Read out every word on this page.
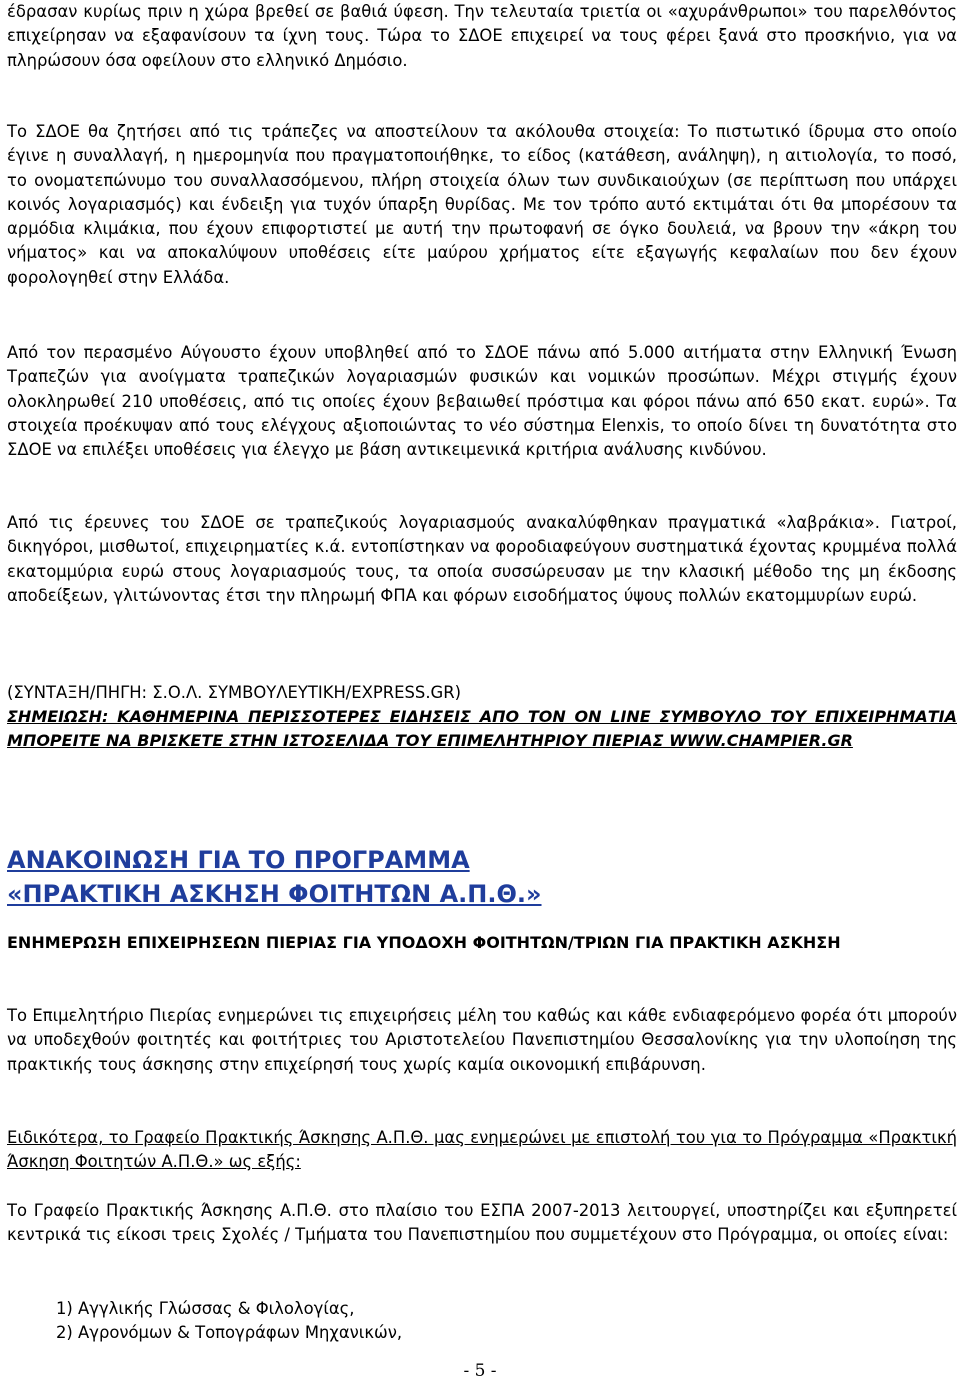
έδρασαν κυρίως πριν η χώρα βρεθεί σε βαθιά ύφεση. Την τελευταία τριετία οι «αχυράνθρωποι» του παρελθόντος επιχείρησαν να εξαφανίσουν τα ίχνη τους. Τώρα το ΣΔΟΕ επιχειρεί να τους φέρει ξανά στο προσκήνιο, για να πληρώσουν όσα οφείλουν στο ελληνικό Δημόσιο.

Το ΣΔΟΕ θα ζητήσει από τις τράπεζες να αποστείλουν τα ακόλουθα στοιχεία: Το πιστωτικό ίδρυμα στο οποίο έγινε η συναλλαγή, η ημερομηνία που πραγματοποιήθηκε, το είδος (κατάθεση, ανάληψη), η αιτιολογία, το ποσό, το ονοματεπώνυμο του συναλλασσόμενου, πλήρη στοιχεία όλων των συνδικαιούχων (σε περίπτωση που υπάρχει κοινός λογαριασμός) και ένδειξη για τυχόν ύπαρξη θυρίδας. Με τον τρόπο αυτό εκτιμάται ότι θα μπορέσουν τα αρμόδια κλιμάκια, που έχουν επιφορτιστεί με αυτή την πρωτοφανή σε όγκο δουλειά, να βρουν την «άκρη του νήματος» και να αποκαλύψουν υποθέσεις είτε μαύρου χρήματος είτε εξαγωγής κεφαλαίων που δεν έχουν φορολογηθεί στην Ελλάδα.

Από τον περασμένο Αύγουστο έχουν υποβληθεί από το ΣΔΟΕ πάνω από 5.000 αιτήματα στην Ελληνική Ένωση Τραπεζών για ανοίγματα τραπεζικών λογαριασμών φυσικών και νομικών προσώπων. Μέχρι στιγμής έχουν ολοκληρωθεί 210 υποθέσεις, από τις οποίες έχουν βεβαιωθεί πρόστιμα και φόροι πάνω από 650 εκατ. ευρώ». Τα στοιχεία προέκυψαν από τους ελέγχους αξιοποιώντας το νέο σύστημα Elenxis, το οποίο δίνει τη δυνατότητα στο ΣΔΟΕ να επιλέξει υποθέσεις για έλεγχο με βάση αντικειμενικά κριτήρια ανάλυσης κινδύνου.

Από τις έρευνες του ΣΔΟΕ σε τραπεζικούς λογαριασμούς ανακαλύφθηκαν πραγματικά «λαβράκια». Γιατροί, δικηγόροι, μισθωτοί, επιχειρηματίες κ.ά. εντοπίστηκαν να φοροδιαφεύγουν συστηματικά έχοντας κρυμμένα πολλά εκατομμύρια ευρώ στους λογαριασμούς τους, τα οποία συσσώρευσαν με την κλασική μέθοδο της μη έκδοσης αποδείξεων, γλιτώνοντας έτσι την πληρωμή ΦΠΑ και φόρων εισοδήματος ύψους πολλών εκατομμυρίων ευρώ.

(ΣΥΝΤΑΞΗ/ΠΗΓΗ: Σ.Ο.Λ. ΣΥΜΒΟΥΛΕΥΤΙΚΗ/EXPRESS.GR)

ΣΗΜΕΙΩΣΗ: ΚΑΘΗΜΕΡΙΝΑ ΠΕΡΙΣΣΟΤΕΡΕΣ ΕΙΔΗΣΕΙΣ ΑΠΟ ΤΟΝ ON LINE ΣΥΜΒΟΥΛΟ ΤΟΥ ΕΠΙΧΕΙΡΗΜΑΤΙΑ ΜΠΟΡΕΙΤΕ ΝΑ ΒΡΙΣΚΕΤΕ ΣΤΗΝ ΙΣΤΟΣΕΛΙΔΑ ΤΟΥ ΕΠΙΜΕΛΗΤΗΡΙΟΥ ΠΙΕΡΙΑΣ WWW.CHAMPIER.GR

ΑΝΑΚΟΙΝΩΣΗ ΓΙΑ ΤΟ ΠΡΟΓΡΑΜΜΑ
«ΠΡΑΚΤΙΚΗ ΑΣΚΗΣΗ ΦΟΙΤΗΤΩΝ Α.Π.Θ.»

ΕΝΗΜΕΡΩΣΗ ΕΠΙΧΕΙΡΗΣΕΩΝ ΠΙΕΡΙΑΣ ΓΙΑ ΥΠΟΔΟΧΗ ΦΟΙΤΗΤΩΝ/ΤΡΙΩΝ ΓΙΑ ΠΡΑΚΤΙΚΗ ΑΣΚΗΣΗ

Το Επιμελητήριο Πιερίας ενημερώνει τις επιχειρήσεις μέλη του καθώς και κάθε ενδιαφερόμενο φορέα ότι μπορούν να υποδεχθούν φοιτητές και φοιτήτριες του Αριστοτελείου Πανεπιστημίου Θεσσαλονίκης για την υλοποίηση της πρακτικής τους άσκησης στην επιχείρησή τους χωρίς καμία οικονομική επιβάρυνση.

Ειδικότερα, το Γραφείο Πρακτικής Άσκησης Α.Π.Θ. μας ενημερώνει με επιστολή του για το Πρόγραμμα «Πρακτική Άσκηση Φοιτητών Α.Π.Θ.» ως εξής:

Το Γραφείο Πρακτικής Άσκησης Α.Π.Θ. στο πλαίσιο του ΕΣΠΑ 2007-2013 λειτουργεί, υποστηρίζει και εξυπηρετεί κεντρικά τις είκοσι τρεις Σχολές / Τμήματα του Πανεπιστημίου που συμμετέχουν στο Πρόγραμμα, οι οποίες είναι:

1) Αγγλικής Γλώσσας & Φιλολογίας,
2) Αγρονόμων & Τοπογράφων Μηχανικών,
- 5 -
